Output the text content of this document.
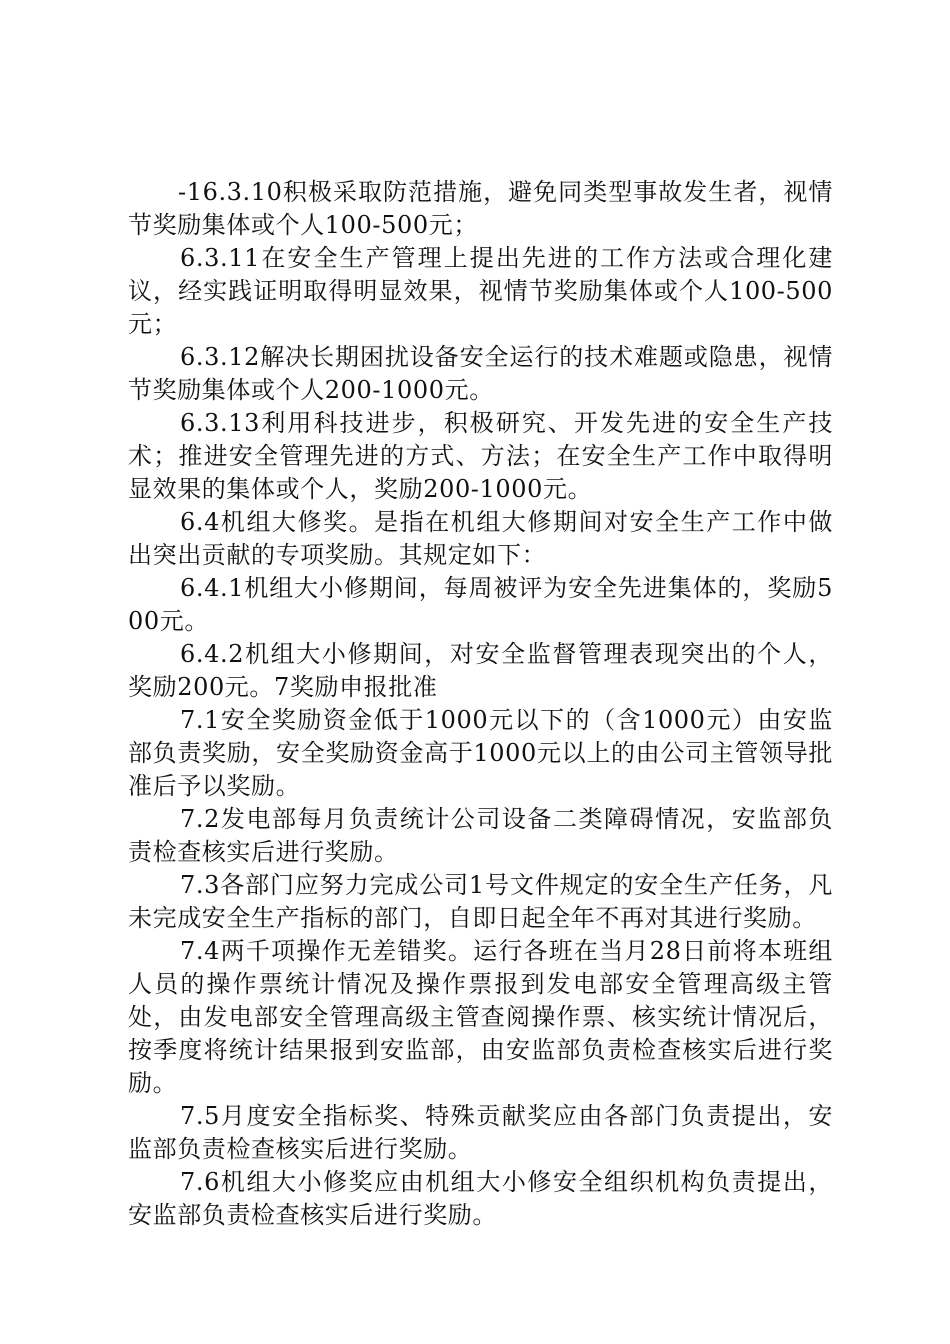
-16.3.10积极采取防范措施，避免同类型事故发生者，视情节奖励集体或个人100-500元；

6.3.11在安全生产管理上提出先进的工作方法或合理化建议，经实践证明取得明显效果，视情节奖励集体或个人100-500元；

6.3.12解决长期困扰设备安全运行的技术难题或隐患，视情节奖励集体或个人200-1000元。

6.3.13利用科技进步，积极研究、开发先进的安全生产技术；推进安全管理先进的方式、方法；在安全生产工作中取得明显效果的集体或个人，奖励200-1000元。

6.4机组大修奖。是指在机组大修期间对安全生产工作中做出突出贡献的专项奖励。其规定如下：

6.4.1机组大小修期间，每周被评为安全先进集体的，奖励500元。

6.4.2机组大小修期间，对安全监督管理表现突出的个人，奖励200元。7奖励申报批准

7.1安全奖励资金低于1000元以下的（含1000元）由安监部负责奖励，安全奖励资金高于1000元以上的由公司主管领导批准后予以奖励。

7.2发电部每月负责统计公司设备二类障碍情况，安监部负责检查核实后进行奖励。

7.3各部门应努力完成公司1号文件规定的安全生产任务，凡未完成安全生产指标的部门，自即日起全年不再对其进行奖励。

7.4两千项操作无差错奖。运行各班在当月28日前将本班组人员的操作票统计情况及操作票报到发电部安全管理高级主管处，由发电部安全管理高级主管查阅操作票、核实统计情况后，按季度将统计结果报到安监部，由安监部负责检查核实后进行奖励。

7.5月度安全指标奖、特殊贡献奖应由各部门负责提出，安监部负责检查核实后进行奖励。

7.6机组大小修奖应由机组大小修安全组织机构负责提出，安监部负责检查核实后进行奖励。
